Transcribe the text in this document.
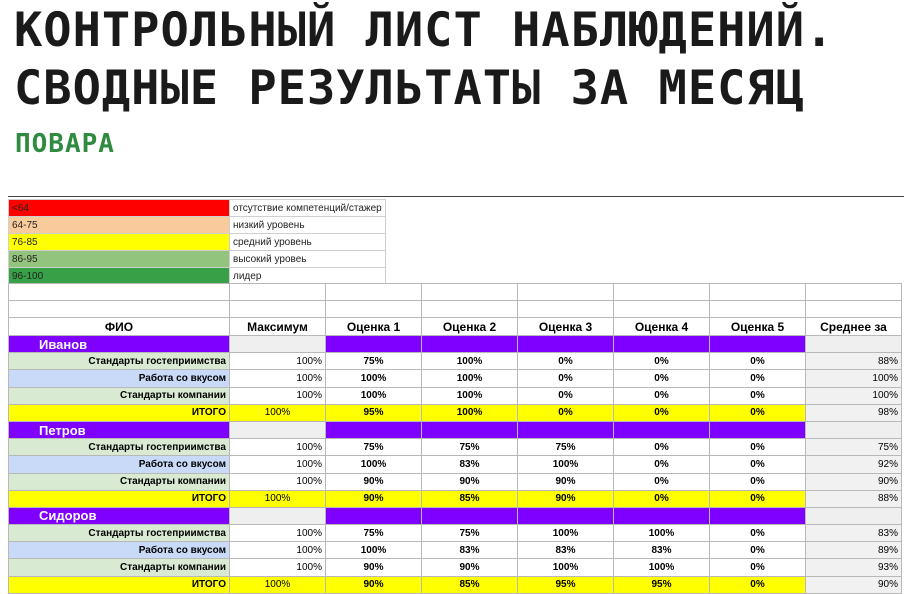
КОНТРОЛЬНЫЙ ЛИСТ НАБЛЮДЕНИЙ.
СВОДНЫЕ РЕЗУЛЬТАТЫ ЗА МЕСЯЦ
ПОВАРА
<64	отсутствие компетенций/стажер
64-75	низкий уровень
76-85	средний уровень
86-95	высокий уровеь
96-100	лидер

ФИО	Максимум	Оценка 1	Оценка 2	Оценка 3	Оценка 4	Оценка 5	Среднее за
Иванов							
Стандарты гостеприимства	100%	75%	100%	0%	0%	0%	88%
Работа со вкусом	100%	100%	100%	0%	0%	0%	100%
Стандарты компании	100%	100%	100%	0%	0%	0%	100%
ИТОГО	100%	95%	100%	0%	0%	0%	98%
Петров							
Стандарты гостеприимства	100%	75%	75%	75%	0%	0%	75%
Работа со вкусом	100%	100%	83%	100%	0%	0%	92%
Стандарты компании	100%	90%	90%	90%	0%	0%	90%
ИТОГО	100%	90%	85%	90%	0%	0%	88%
Сидоров							
Стандарты гостеприимства	100%	75%	75%	100%	100%	0%	83%
Работа со вкусом	100%	100%	83%	83%	83%	0%	89%
Стандарты компании	100%	90%	90%	100%	100%	0%	93%
ИТОГО	100%	90%	85%	95%	95%	0%	90%
